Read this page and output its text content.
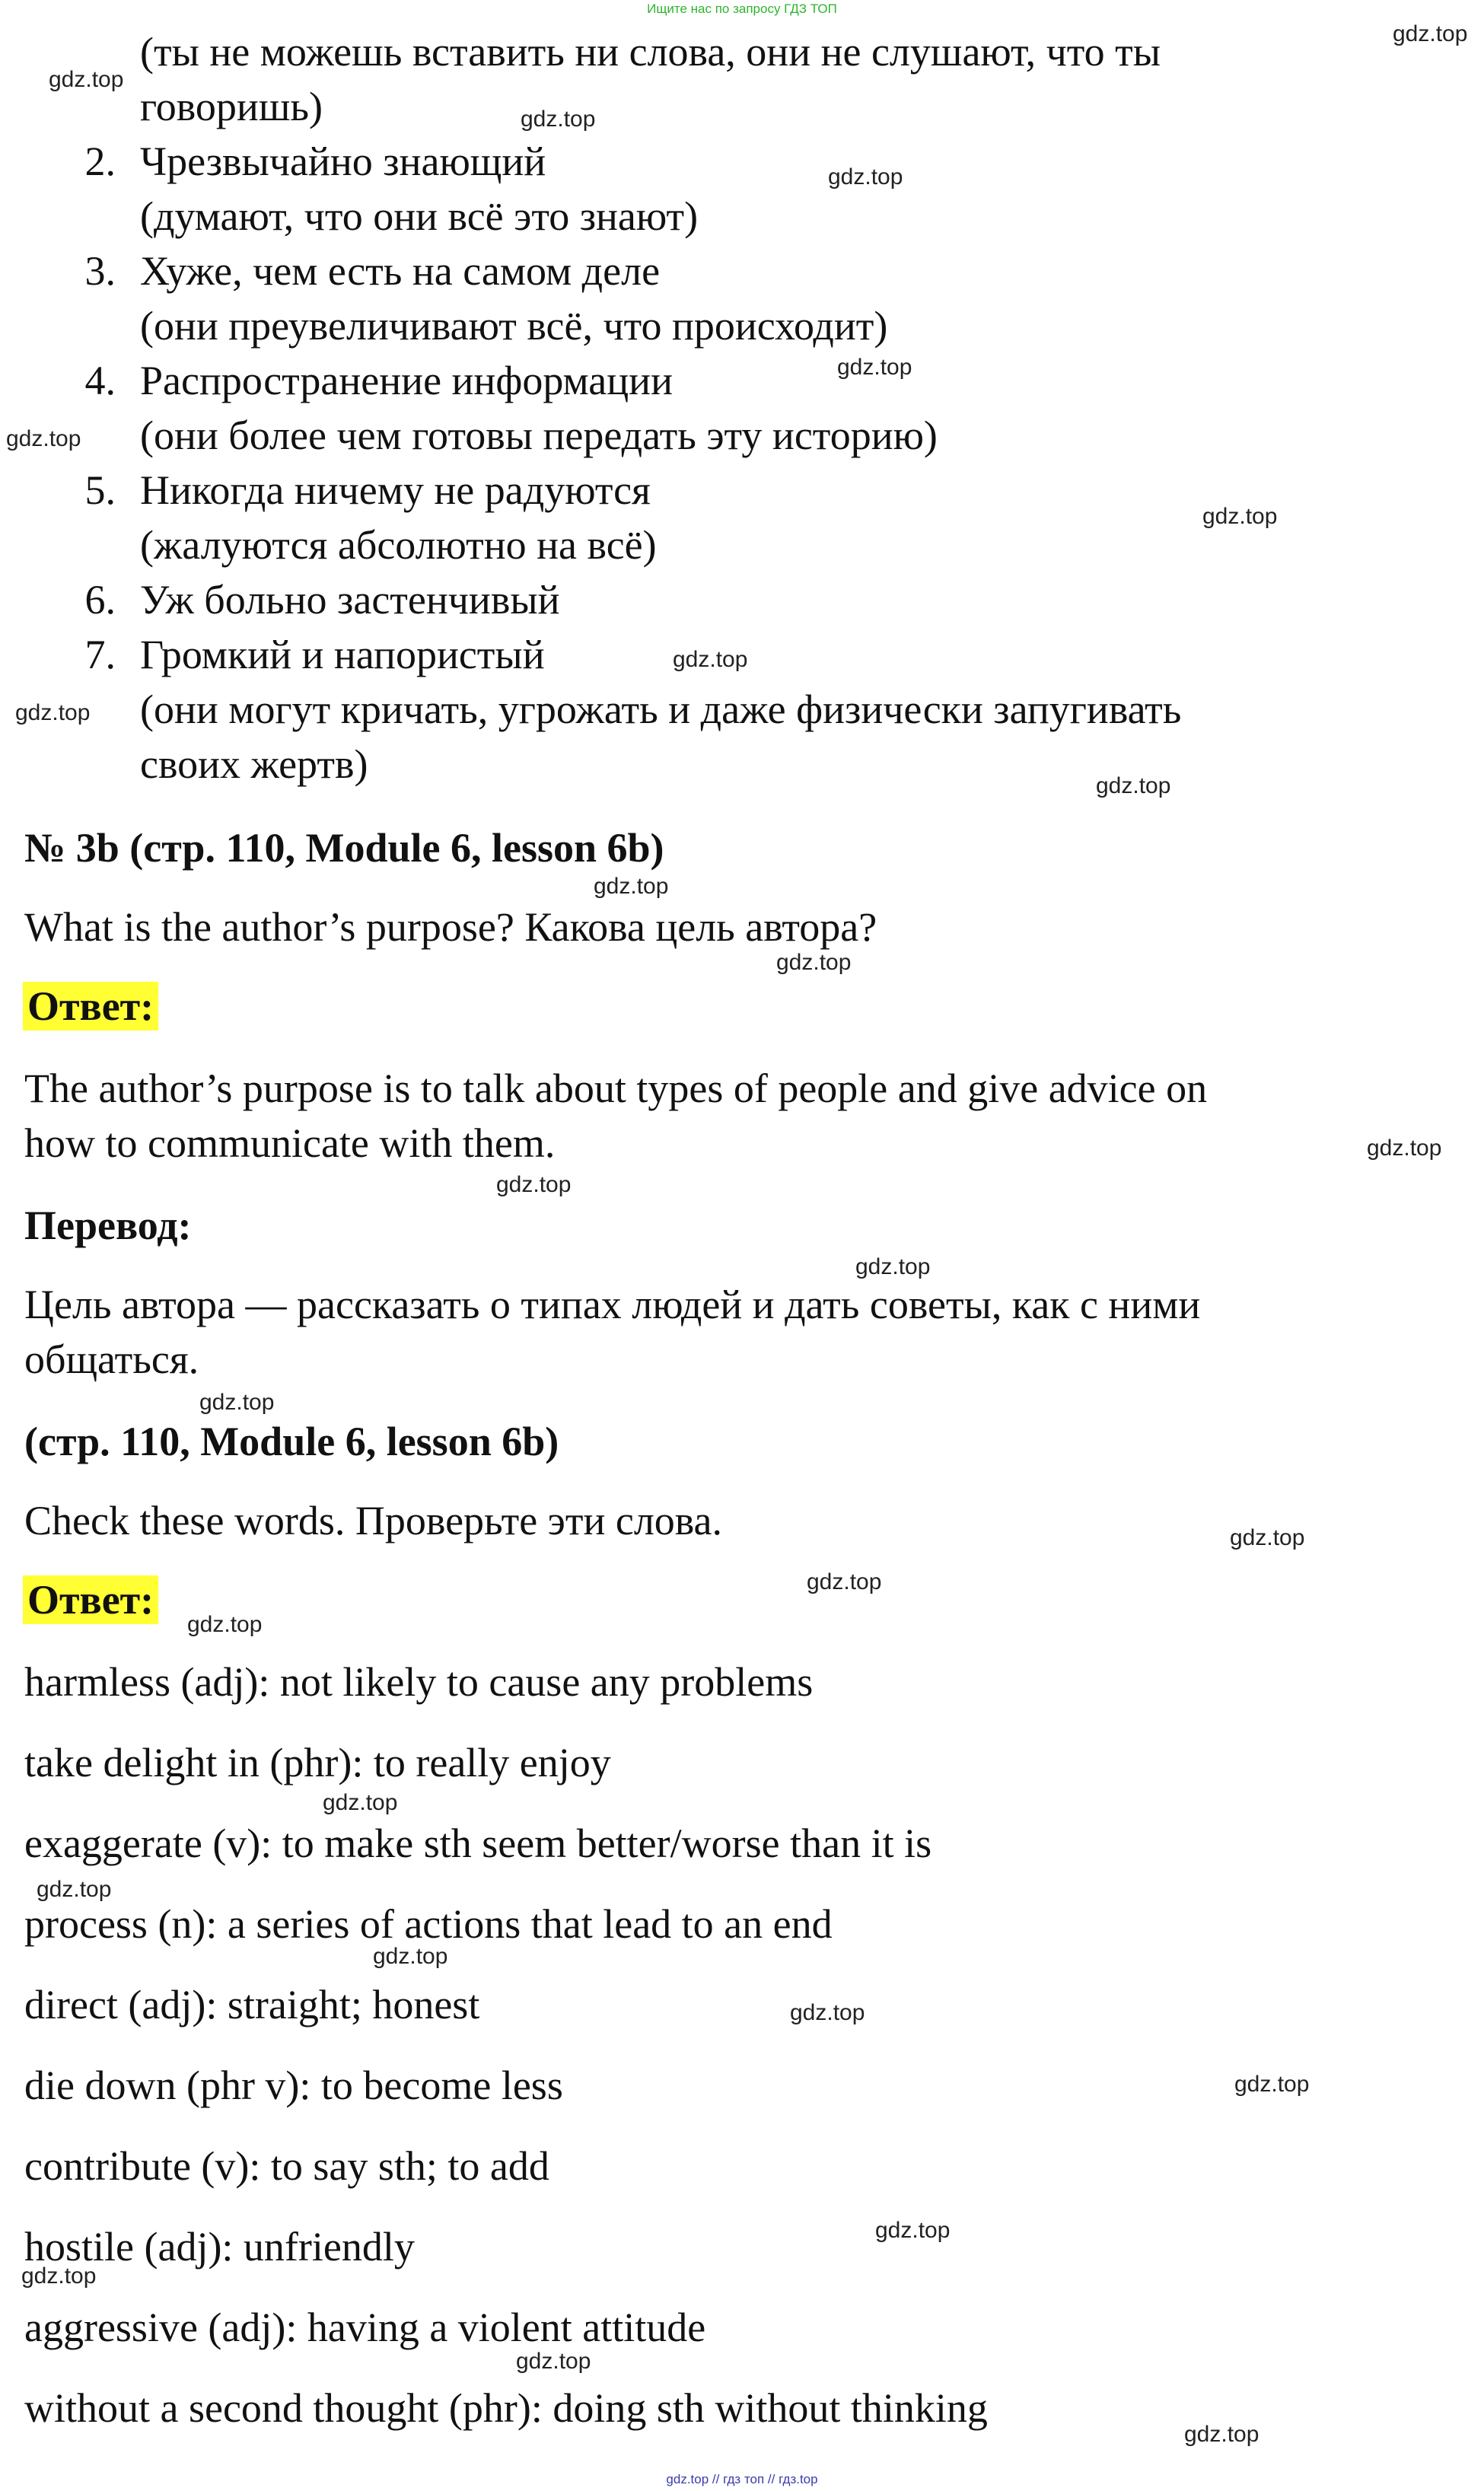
Ищите нас по запросу ГДЗ ТОП
(ты не можешь вставить ни слова, они не слушают, что ты
говоришь)
2. Чрезвычайно знающий
(думают, что они всё это знают)
3. Хуже, чем есть на самом деле
(они преувеличивают всё, что происходит)
4. Распространение информации
(они более чем готовы передать эту историю)
5. Никогда ничему не радуются
(жалуются абсолютно на всё)
6. Уж больно застенчивый
7. Громкий и напористый
(они могут кричать, угрожать и даже физически запугивать
своих жертв)
№ 3b (стр. 110, Module 6, lesson 6b)
What is the author’s purpose? Какова цель автора?
Ответ:
The author’s purpose is to talk about types of people and give advice on
how to communicate with them.
Перевод:
Цель автора — рассказать о типах людей и дать советы, как с ними
общаться.
(стр. 110, Module 6, lesson 6b)
Check these words. Проверьте эти слова.
Ответ:
harmless (adj): not likely to cause any problems
take delight in (phr): to really enjoy
exaggerate (v): to make sth seem better/worse than it is
process (n): a series of actions that lead to an end
direct (adj): straight; honest
die down (phr v): to become less
contribute (v): to say sth; to add
hostile (adj): unfriendly
aggressive (adj): having a violent attitude
without a second thought (phr): doing sth without thinking
gdz.top
gdz.top
gdz.top
gdz.top
gdz.top
gdz.top
gdz.top
gdz.top
gdz.top
gdz.top
gdz.top
gdz.top
gdz.top
gdz.top
gdz.top
gdz.top
gdz.top
gdz.top
gdz.top
gdz.top
gdz.top
gdz.top
gdz.top
gdz.top
gdz.top
gdz.top
gdz.top
gdz.top
gdz.top // гдз топ // гдз.top
